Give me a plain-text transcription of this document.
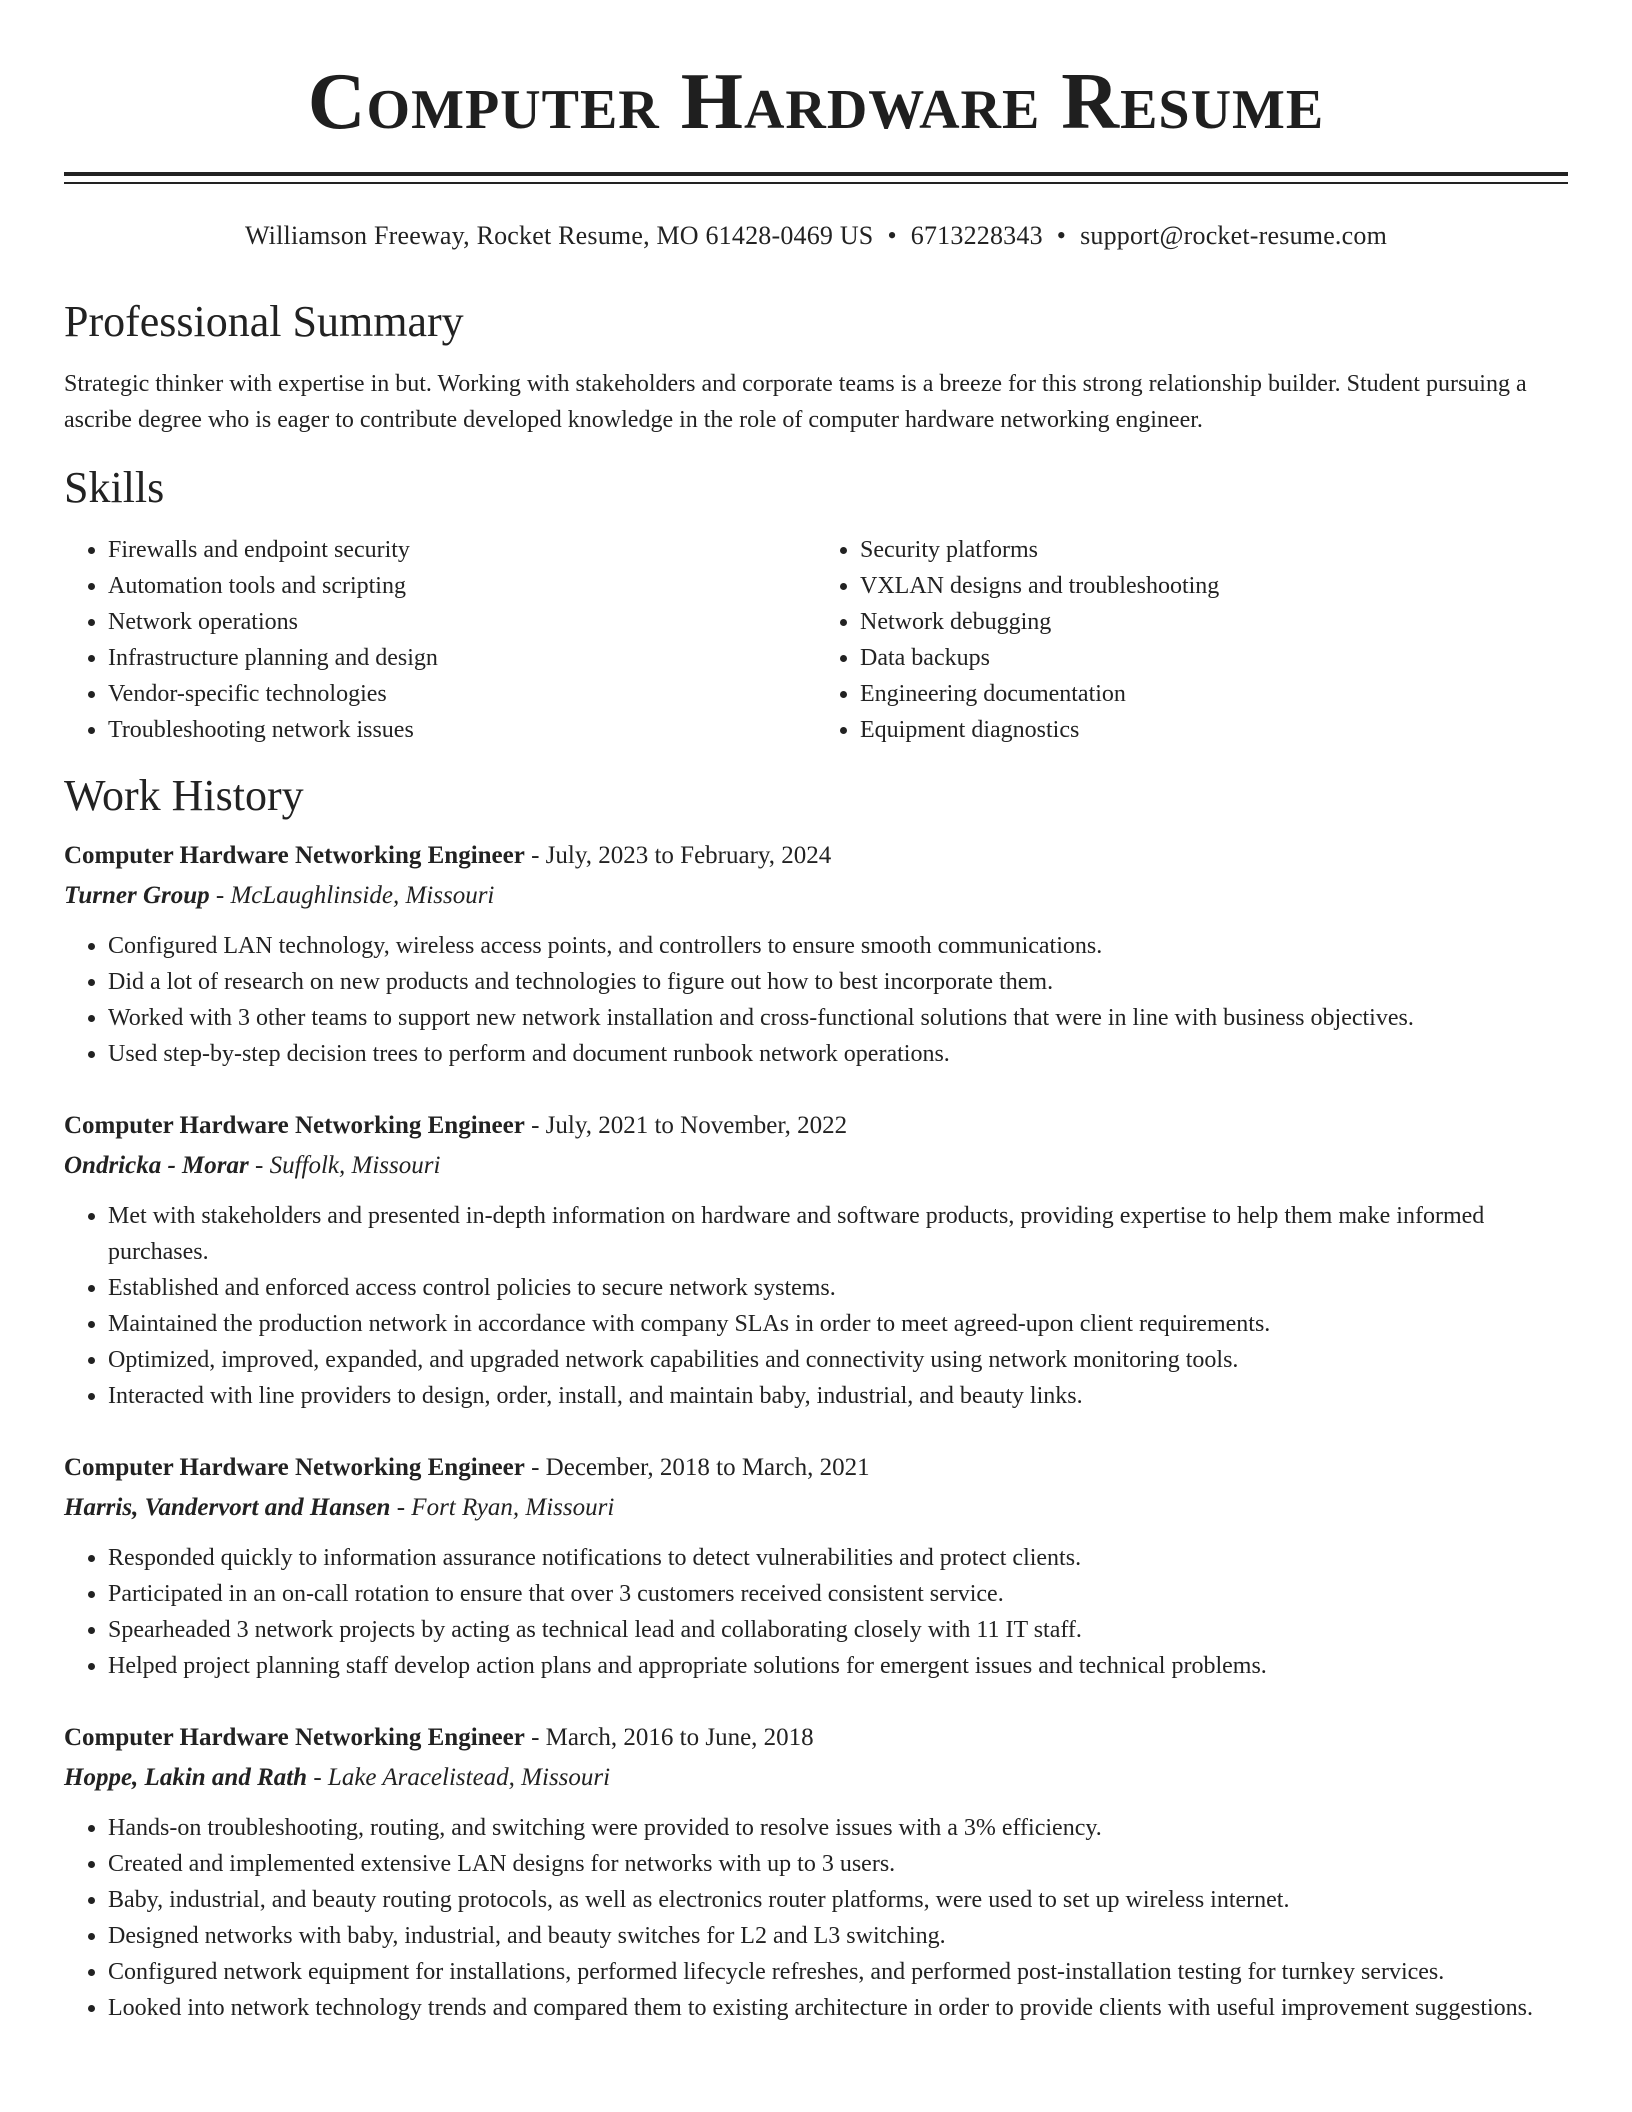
Computer Hardware Resume
Williamson Freeway, Rocket Resume, MO 61428-0469 US • 6713228343 • support@rocket-resume.com
Professional Summary
Strategic thinker with expertise in but. Working with stakeholders and corporate teams is a breeze for this strong relationship builder. Student pursuing a ascribe degree who is eager to contribute developed knowledge in the role of computer hardware networking engineer.
Skills
• Firewalls and endpoint security
• Automation tools and scripting
• Network operations
• Infrastructure planning and design
• Vendor-specific technologies
• Troubleshooting network issues
• Security platforms
• VXLAN designs and troubleshooting
• Network debugging
• Data backups
• Engineering documentation
• Equipment diagnostics
Work History
Computer Hardware Networking Engineer - July, 2023 to February, 2024
Turner Group - McLaughlinside, Missouri
• Configured LAN technology, wireless access points, and controllers to ensure smooth communications.
• Did a lot of research on new products and technologies to figure out how to best incorporate them.
• Worked with 3 other teams to support new network installation and cross-functional solutions that were in line with business objectives.
• Used step-by-step decision trees to perform and document runbook network operations.
Computer Hardware Networking Engineer - July, 2021 to November, 2022
Ondricka - Morar - Suffolk, Missouri
• Met with stakeholders and presented in-depth information on hardware and software products, providing expertise to help them make informed purchases.
• Established and enforced access control policies to secure network systems.
• Maintained the production network in accordance with company SLAs in order to meet agreed-upon client requirements.
• Optimized, improved, expanded, and upgraded network capabilities and connectivity using network monitoring tools.
• Interacted with line providers to design, order, install, and maintain baby, industrial, and beauty links.
Computer Hardware Networking Engineer - December, 2018 to March, 2021
Harris, Vandervort and Hansen - Fort Ryan, Missouri
• Responded quickly to information assurance notifications to detect vulnerabilities and protect clients.
• Participated in an on-call rotation to ensure that over 3 customers received consistent service.
• Spearheaded 3 network projects by acting as technical lead and collaborating closely with 11 IT staff.
• Helped project planning staff develop action plans and appropriate solutions for emergent issues and technical problems.
Computer Hardware Networking Engineer - March, 2016 to June, 2018
Hoppe, Lakin and Rath - Lake Aracelistead, Missouri
• Hands-on troubleshooting, routing, and switching were provided to resolve issues with a 3% efficiency.
• Created and implemented extensive LAN designs for networks with up to 3 users.
• Baby, industrial, and beauty routing protocols, as well as electronics router platforms, were used to set up wireless internet.
• Designed networks with baby, industrial, and beauty switches for L2 and L3 switching.
• Configured network equipment for installations, performed lifecycle refreshes, and performed post-installation testing for turnkey services.
• Looked into network technology trends and compared them to existing architecture in order to provide clients with useful improvement suggestions.
